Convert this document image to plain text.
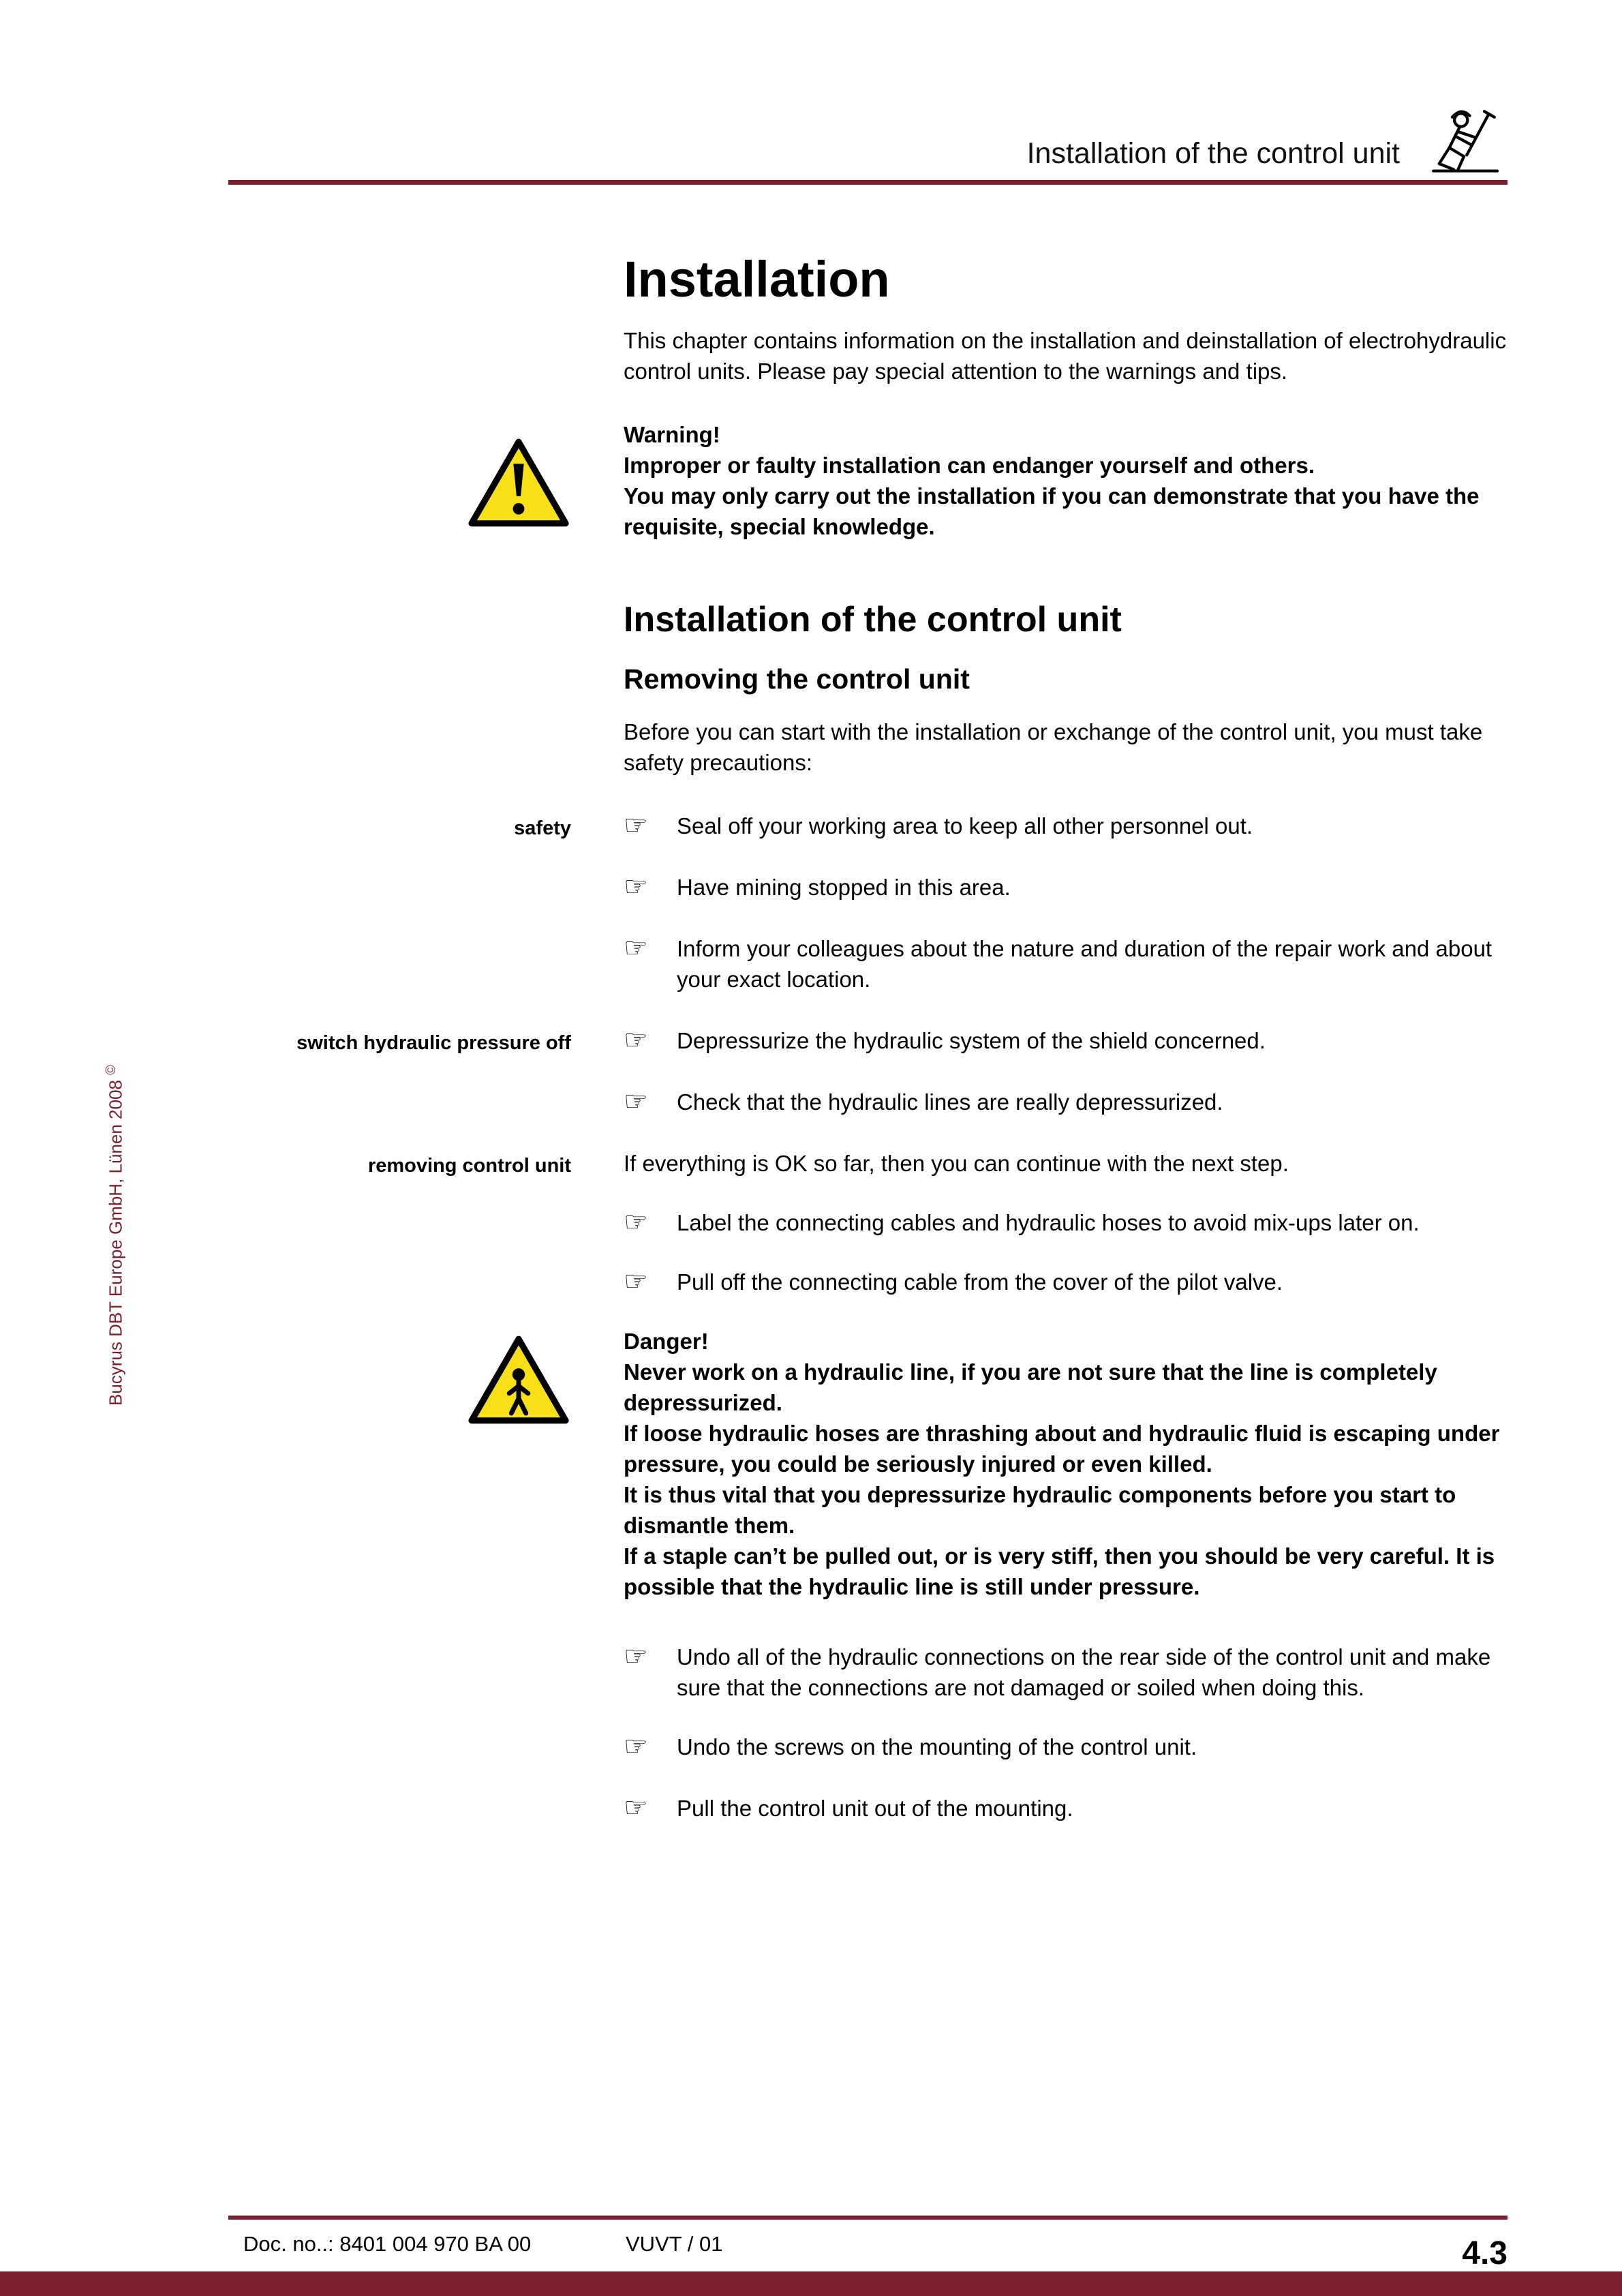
Bucyrus DBT Europe GmbH, Lünen 2008 ©
Installation of the control unit
Installation
This chapter contains information on the installation and deinstallation of electrohydraulic control units. Please pay special attention to the warnings and tips.

Warning!

Improper or faulty installation can endanger yourself and others.

You may only carry out the installation if you can demonstrate that you have the requisite, special knowledge.

Installation of the control unit
Removing the control unit
Before you can start with the installation or exchange of the control unit, you must take safety precautions:
safety	☞	Seal off your working area to keep all other personnel out.
☞	Have mining stopped in this area.
☞	Inform your colleagues about the nature and duration of the repair work and about your exact location.
switch hydraulic pressure off	☞	Depressurize the hydraulic system of the shield concerned.
☞	Check that the hydraulic lines are really depressurized.
removing control unit	If everything is OK so far, then you can continue with the next step.
☞	Label the connecting cables and hydraulic hoses to avoid mix-ups later on.
☞	Pull off the connecting cable from the cover of the pilot valve.

Danger!

Never work on a hydraulic line, if you are not sure that the line is completely depressurized.

If loose hydraulic hoses are thrashing about and hydraulic fluid is escaping under pressure, you could be seriously injured or even killed.

It is thus vital that you depressurize hydraulic components before you start to dismantle them.

If a staple can’t be pulled out, or is very stiff, then you should be very careful. It is possible that the hydraulic line is still under pressure.

☞	Undo all of the hydraulic connections on the rear side of the control unit and make sure that the connections are not damaged or soiled when doing this.
☞	Undo the screws on the mounting of the control unit.
☞	Pull the control unit out of the mounting.
Doc. no..: 8401 004 970 BA 00	VUVT / 01	4.3
